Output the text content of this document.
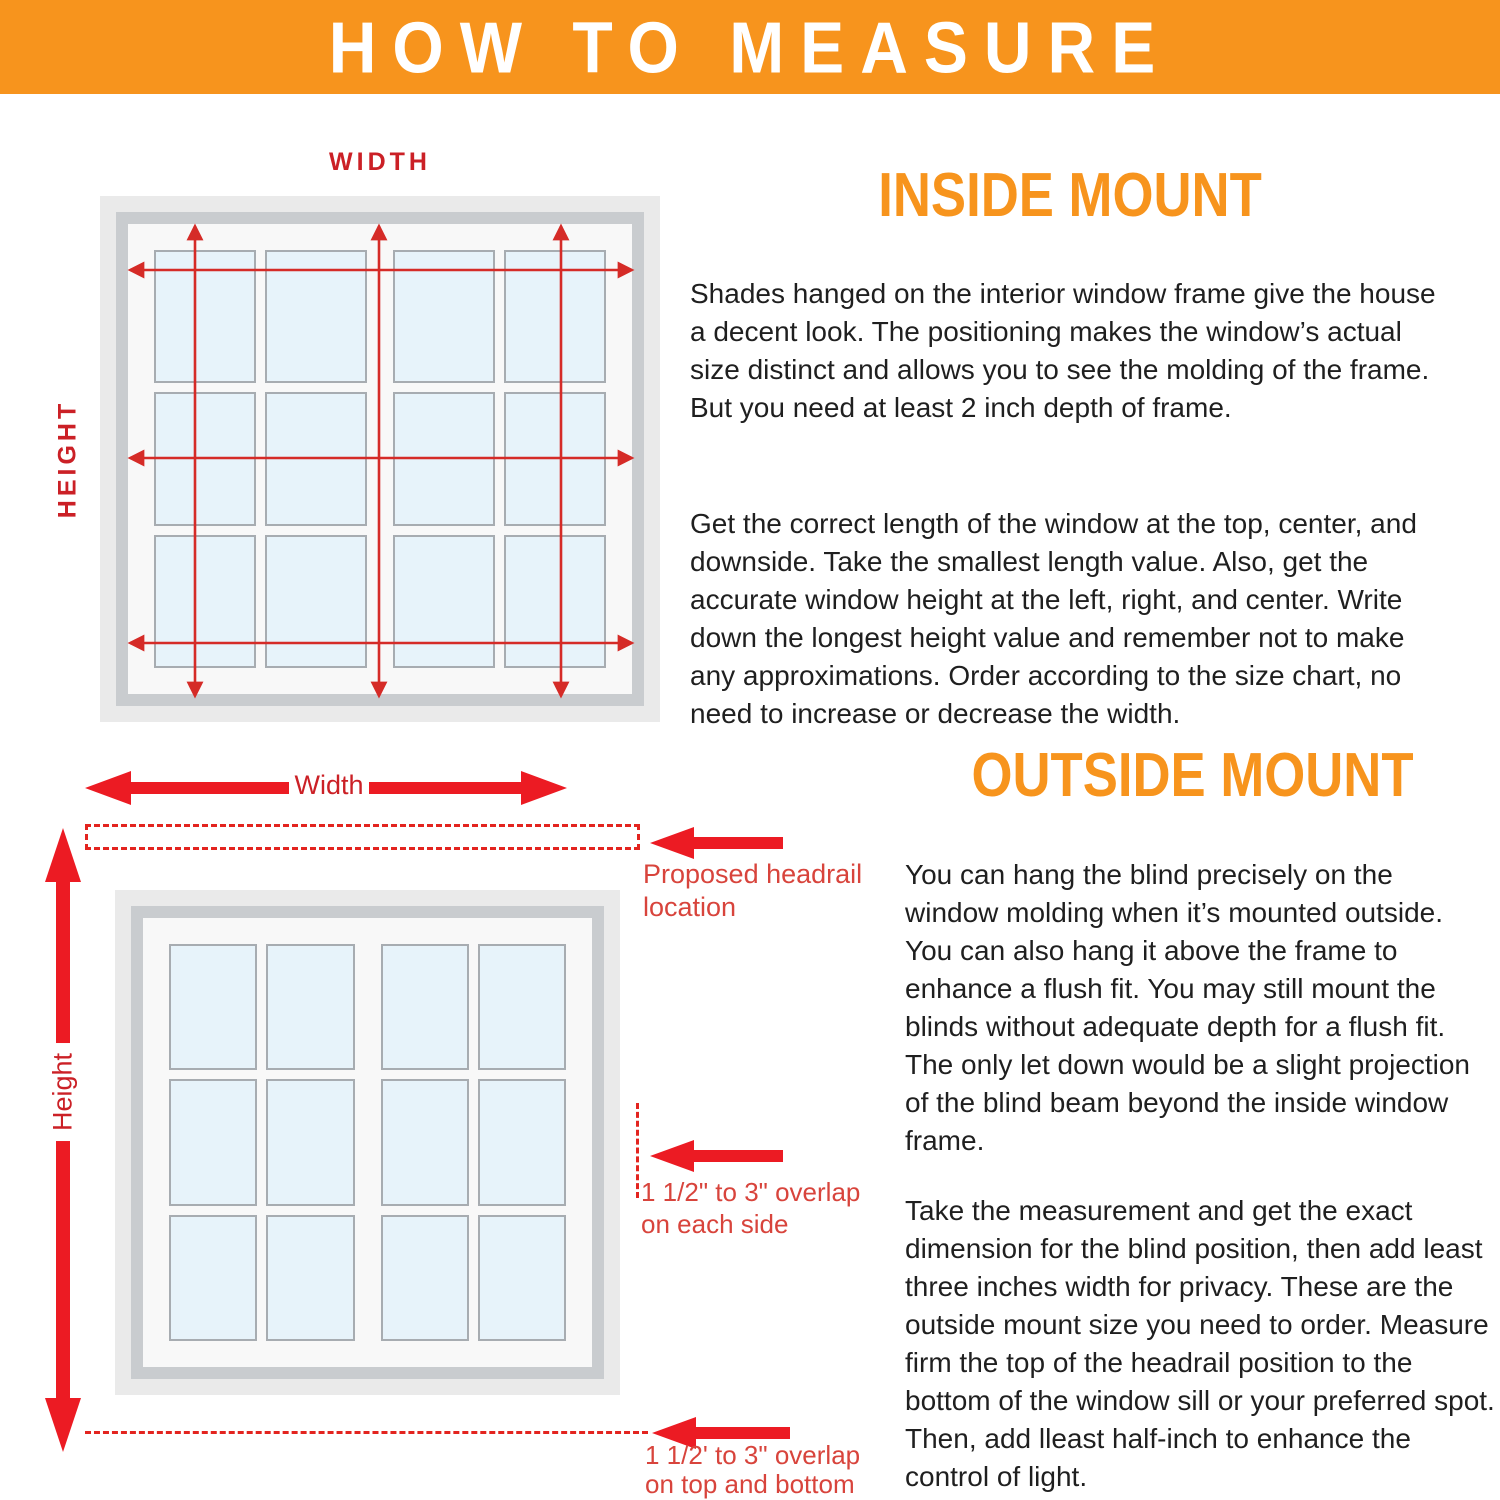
HOW TO MEASURE
WIDTH
HEIGHT
INSIDE MOUNT

Shades hanged on the interior window frame give the house a decent look. The positioning makes the window’s actual size distinct and allows you to see the molding of the frame. But you need at least 2 inch depth of frame.

Get the correct length of the window at the top, center, and downside. Take the smallest length value. Also, get the accurate window height at the left, right, and center. Write down the longest height value and remember not to make any approximations. Order according to the size chart, no need to increase or decrease the width.

OUTSIDE MOUNT

You can hang the blind precisely on the window molding when it’s mounted outside. You can also hang it above the frame to enhance a flush fit. You may still mount the blinds without adequate depth for a flush fit. The only let down would be a slight projection of the blind beam beyond the inside window frame.

Take the measurement and get the exact dimension for the blind position, then add least three inches width for privacy. These are the outside mount size you need to order. Measure firm the top of the headrail position to the bottom of the window sill or your preferred spot. Then, add lleast half-inch to enhance the control of light.

Width
Proposed headrail location
Height
1 1/2" to 3" overlap on each side
1 1/2' to 3" overlap on top and bottom
